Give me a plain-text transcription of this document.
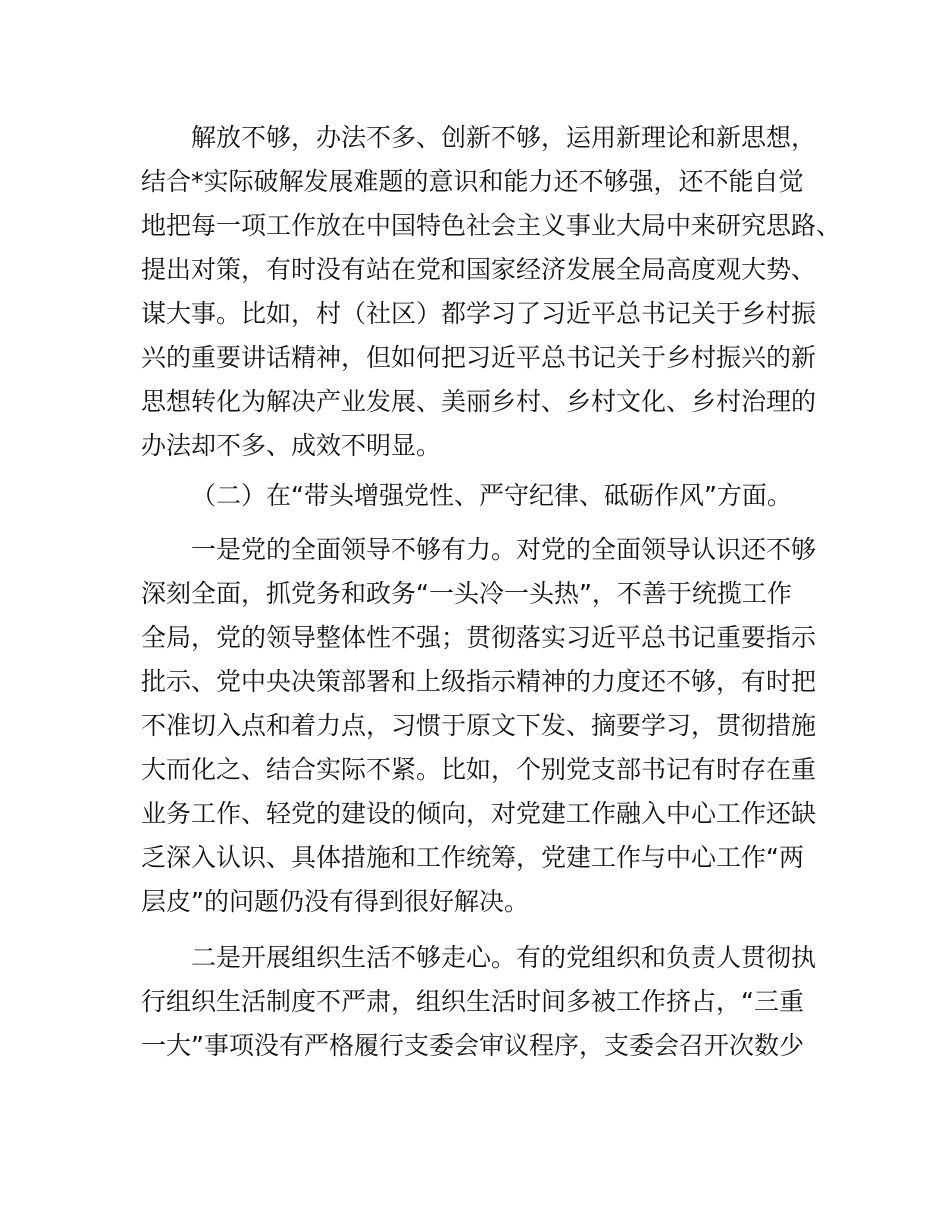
解放不够，办法不多、创新不够，运用新理论和新思想，
结合*实际破解发展难题的意识和能力还不够强，还不能自觉
地把每一项工作放在中国特色社会主义事业大局中来研究思路、
提出对策，有时没有站在党和国家经济发展全局高度观大势、
谋大事。比如，村（社区）都学习了习近平总书记关于乡村振
兴的重要讲话精神，但如何把习近平总书记关于乡村振兴的新
思想转化为解决产业发展、美丽乡村、乡村文化、乡村治理的
办法却不多、成效不明显。
（二）在“带头增强党性、严守纪律、砥砺作风”方面。
一是党的全面领导不够有力。对党的全面领导认识还不够
深刻全面，抓党务和政务“一头冷一头热”，不善于统揽工作
全局，党的领导整体性不强；贯彻落实习近平总书记重要指示
批示、党中央决策部署和上级指示精神的力度还不够，有时把
不准切入点和着力点，习惯于原文下发、摘要学习，贯彻措施
大而化之、结合实际不紧。比如，个别党支部书记有时存在重
业务工作、轻党的建设的倾向，对党建工作融入中心工作还缺
乏深入认识、具体措施和工作统筹，党建工作与中心工作“两
层皮”的问题仍没有得到很好解决。
二是开展组织生活不够走心。有的党组织和负责人贯彻执
行组织生活制度不严肃，组织生活时间多被工作挤占，“三重
一大”事项没有严格履行支委会审议程序，支委会召开次数少
